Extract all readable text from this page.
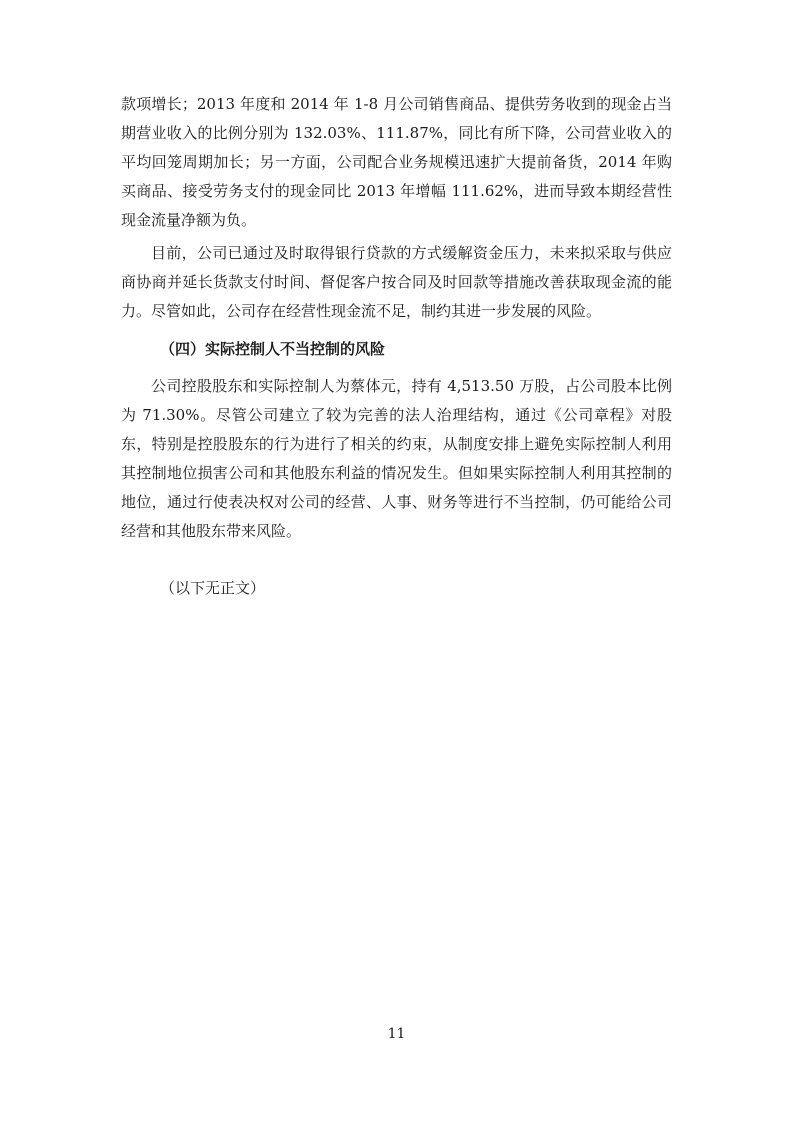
款项增长；2013 年度和 2014 年 1-8 月公司销售商品、提供劳务收到的现金占当期营业收入的比例分别为 132.03%、111.87%，同比有所下降，公司营业收入的平均回笼周期加长；另一方面，公司配合业务规模迅速扩大提前备货，2014 年购买商品、接受劳务支付的现金同比 2013 年增幅 111.62%，进而导致本期经营性现金流量净额为负。

目前，公司已通过及时取得银行贷款的方式缓解资金压力，未来拟采取与供应商协商并延长货款支付时间、督促客户按合同及时回款等措施改善获取现金流的能力。尽管如此，公司存在经营性现金流不足，制约其进一步发展的风险。

（四）实际控制人不当控制的风险

公司控股股东和实际控制人为蔡体元，持有 4,513.50 万股，占公司股本比例为 71.30%。尽管公司建立了较为完善的法人治理结构，通过《公司章程》对股东，特别是控股股东的行为进行了相关的约束，从制度安排上避免实际控制人利用其控制地位损害公司和其他股东利益的情况发生。但如果实际控制人利用其控制的地位，通过行使表决权对公司的经营、人事、财务等进行不当控制，仍可能给公司经营和其他股东带来风险。

（以下无正文）

11
